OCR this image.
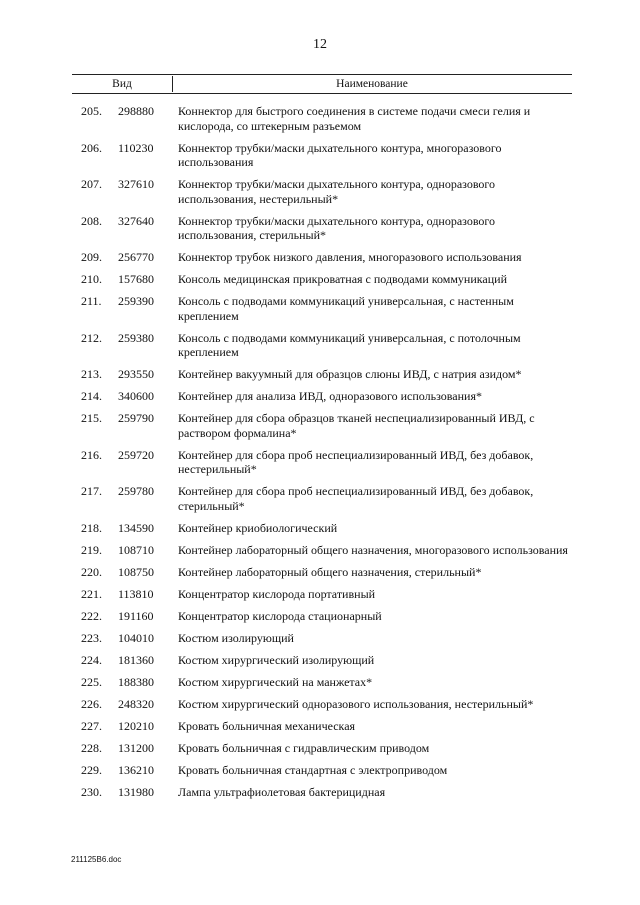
12
Вид	Наименование
205. 298880 Коннектор для быстрого соединения в системе подачи смеси гелия и кислорода, со штекерным разъемом
206. 110230 Коннектор трубки/маски дыхательного контура, многоразового использования
207. 327610 Коннектор трубки/маски дыхательного контура, одноразового использования, нестерильный*
208. 327640 Коннектор трубки/маски дыхательного контура, одноразового использования, стерильный*
209. 256770 Коннектор трубок низкого давления, многоразового использования
210. 157680 Консоль медицинская прикроватная с подводами коммуникаций
211. 259390 Консоль с подводами коммуникаций универсальная, с настенным креплением
212. 259380 Консоль с подводами коммуникаций универсальная, с потолочным креплением
213. 293550 Контейнер вакуумный для образцов слюны ИВД, с натрия азидом*
214. 340600 Контейнер для анализа ИВД, одноразового использования*
215. 259790 Контейнер для сбора образцов тканей неспециализированный ИВД, с раствором формалина*
216. 259720 Контейнер для сбора проб неспециализированный ИВД, без добавок, нестерильный*
217. 259780 Контейнер для сбора проб неспециализированный ИВД, без добавок, стерильный*
218. 134590 Контейнер криобиологический
219. 108710 Контейнер лабораторный общего назначения, многоразового использования
220. 108750 Контейнер лабораторный общего назначения, стерильный*
221. 113810 Концентратор кислорода портативный
222. 191160 Концентратор кислорода стационарный
223. 104010 Костюм изолирующий
224. 181360 Костюм хирургический изолирующий
225. 188380 Костюм хирургический на манжетах*
226. 248320 Костюм хирургический одноразового использования, нестерильный*
227. 120210 Кровать больничная механическая
228. 131200 Кровать больничная с гидравлическим приводом
229. 136210 Кровать больничная стандартная с электроприводом
230. 131980 Лампа ультрафиолетовая бактерицидная
211125B6.doc
